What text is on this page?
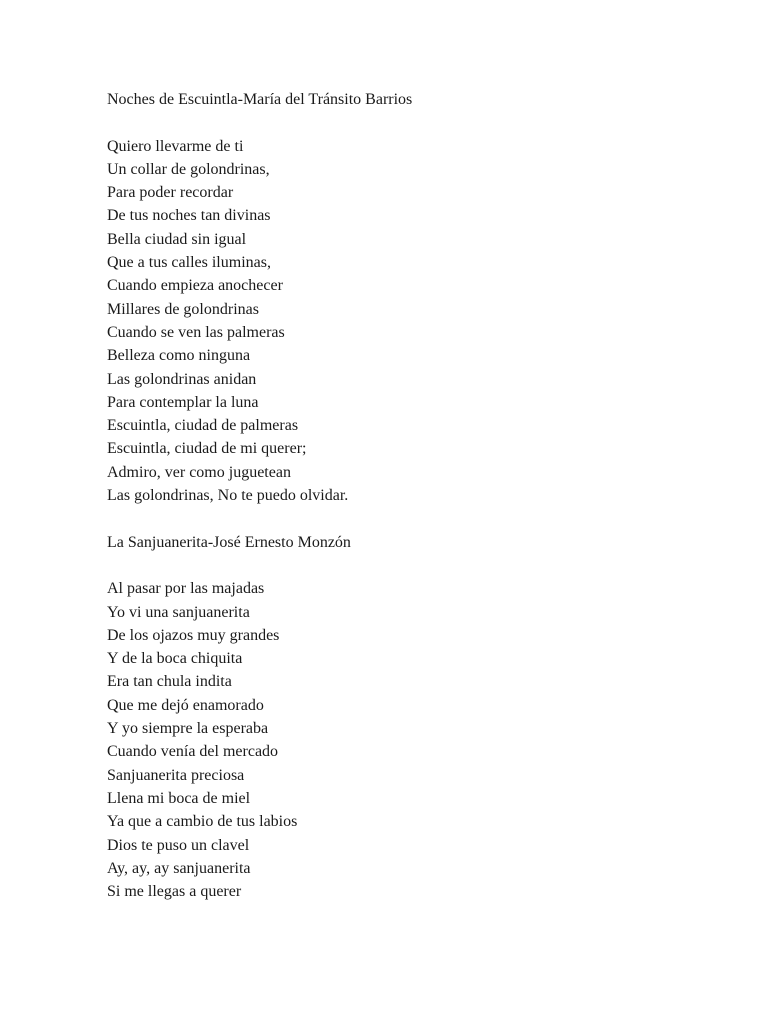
Noches de Escuintla-María del Tránsito Barrios

Quiero llevarme de ti

Un collar de golondrinas,

Para poder recordar

De tus noches tan divinas

Bella ciudad sin igual

Que a tus calles iluminas,

Cuando empieza anochecer

Millares de golondrinas

Cuando se ven las palmeras

Belleza como ninguna

Las golondrinas anidan

Para contemplar la luna

Escuintla, ciudad de palmeras

Escuintla, ciudad de mi querer;

Admiro, ver como juguetean

Las golondrinas, No te puedo olvidar.

La Sanjuanerita-José Ernesto Monzón

Al pasar por las majadas

Yo vi una sanjuanerita

De los ojazos muy grandes

Y de la boca chiquita

Era tan chula indita

Que me dejó enamorado

Y yo siempre la esperaba

Cuando venía del mercado

Sanjuanerita preciosa

Llena mi boca de miel

Ya que a cambio de tus labios

Dios te puso un clavel

Ay, ay, ay sanjuanerita

Si me llegas a querer
